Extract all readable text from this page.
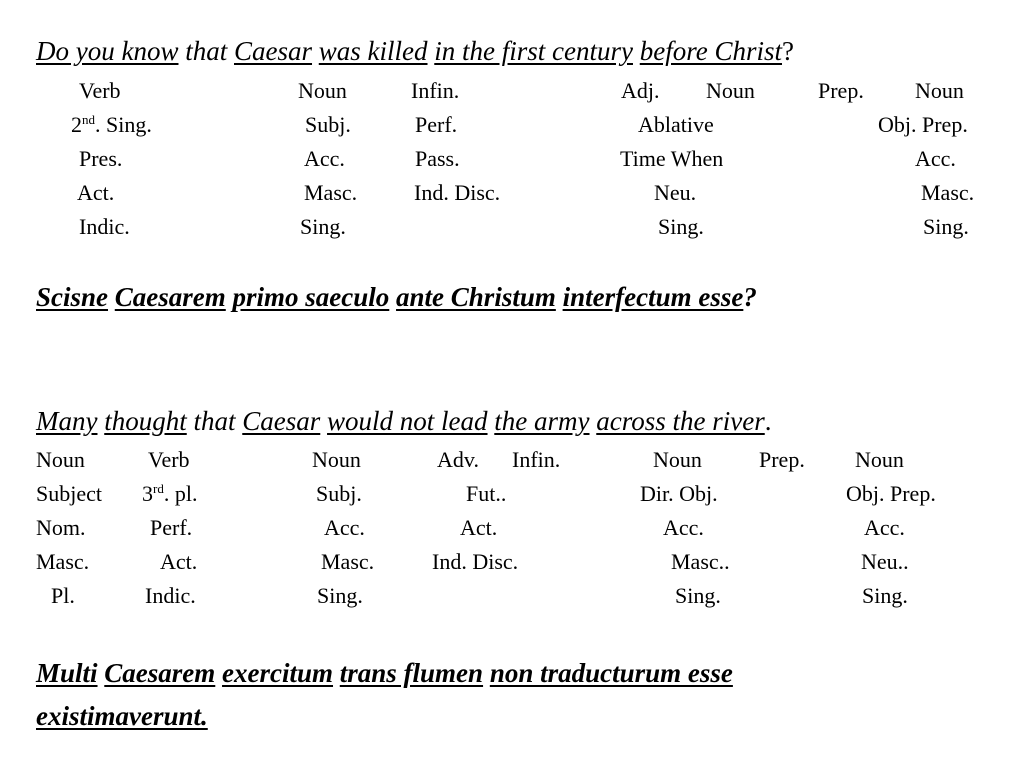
Do you know that Caesar was killed in the first century before Christ?
Verb
2nd. Sing.
Pres.
Act.
Indic.
Noun
Subj.
Acc.
Masc.
Sing.
Infin.
Perf.
Pass.
Ind. Disc.
Adj.
Ablative
Time When
Neu.
Sing.
Noun	Prep. Noun
Obj. Prep.
Acc.
Masc.
Sing.
Scisne Caesarem primo saeculo ante Christum interfectum esse?
Many thought that Caesar would not lead the army across the river.
Noun
Subject
Nom.
Masc.
Pl.
Verb
3rd. pl.
Perf.
Act.
Indic.
Noun
Subj.
Acc.
Masc.
Sing.
Adv.
Fut..
Act.
Ind. Disc.
Infin.	Noun
Dir. Obj.
Acc.
Masc..
Sing.
Prep. Noun
Obj. Prep.
Acc.
Neu..
Sing.
Multi Caesarem exercitum trans flumen non traducturum esse
existimaverunt.
